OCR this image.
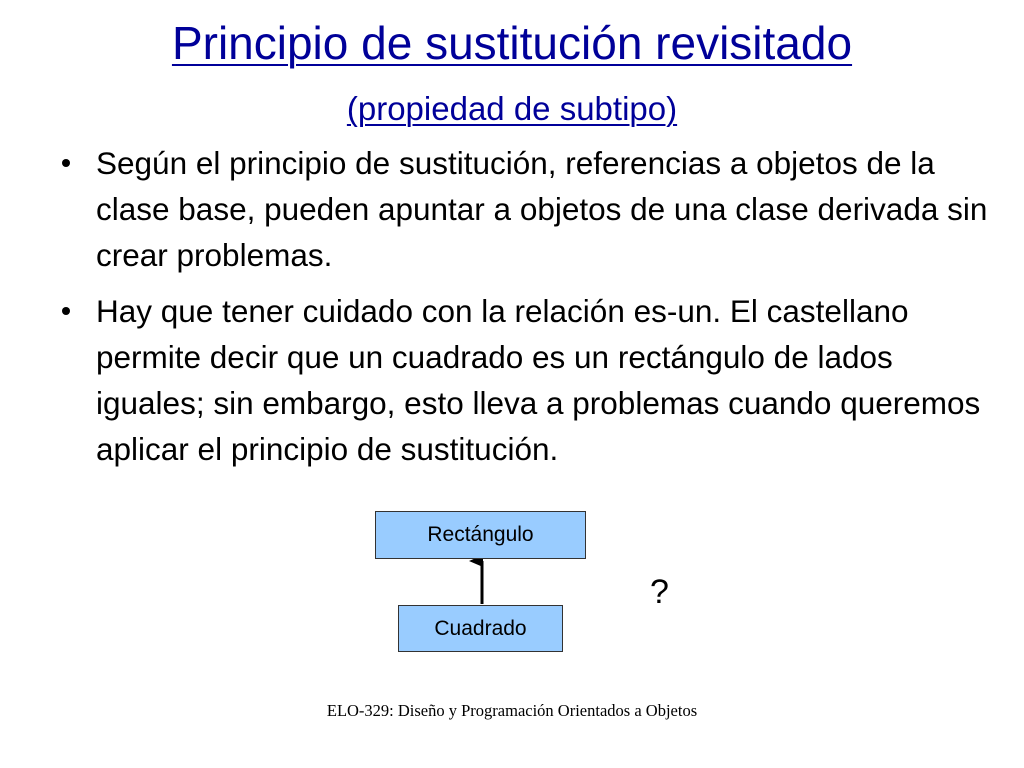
Principio de sustitución revisitado
(propiedad de subtipo)
Según el principio de sustitución, referencias a objetos de la clase base, pueden apuntar a objetos de una clase derivada sin crear problemas.
Hay que tener cuidado con la relación es-un. El castellano permite decir que un cuadrado es un rectángulo de lados iguales; sin embargo, esto lleva a problemas cuando queremos aplicar el principio de sustitución.
Rectángulo
Cuadrado
?
ELO-329: Diseño y Programación Orientados a Objetos
